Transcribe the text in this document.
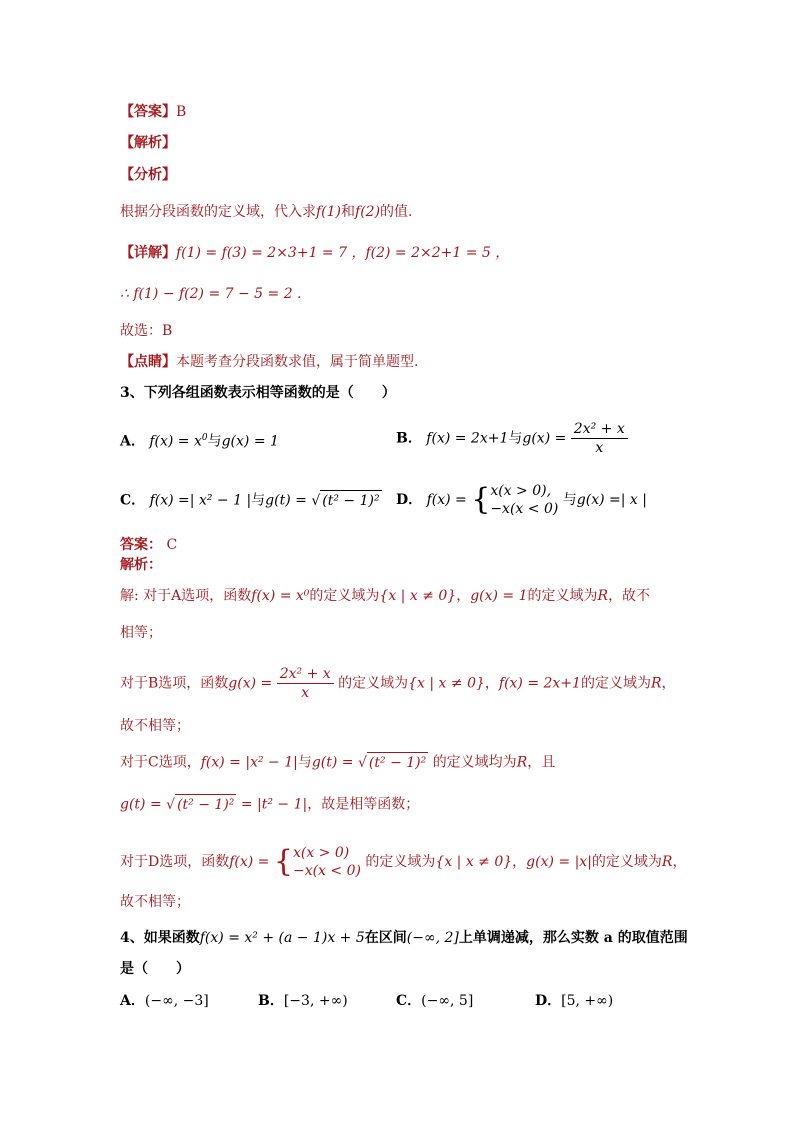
【答案】B
【解析】
【分析】
根据分段函数的定义域，代入求f(1)和f(2)的值.
【详解】f(1) = f(3) = 2×3+1 = 7 ，f(2) = 2×2+1 = 5 ，
∴ f(1) − f(2) = 7 − 5 = 2 .
故选：B
【点睛】本题考查分段函数求值，属于简单题型.
3、下列各组函数表示相等函数的是（　　）
A． $f(x) = x^0$与g(x) = 1	B． f(x) = 2x+1与$g(x) = \frac{\text{2x² + x}}{x}$
C． f(x) =| x² − 1 |与g(t) = √ (t² − 1)² D． f(x) = { x(x > 0),
−x(x < 0)
与g(x) =| x |
答案： C
解析：
解: 对于A选项，函数f(x) = x⁰的定义域为{x | x ≠ 0}，g(x) = 1的定义域为R，故不
相等；
对于B选项，函数$g(x) = \frac{\text{2x² + x}}{x}$ 的定义域为{x | x ≠ 0}，f(x) = 2x+1的定义域为R，
故不相等；
对于C选项，f(x) = |x² − 1|与g(t) = √ (t² − 1)² 的定义域均为R，且
g(t) = √ (t² − 1)² = |t² − 1|，故是相等函数；
对于D选项，函数f(x) = { x(x > 0)
−x(x < 0)
的定义域为{x | x ≠ 0}，g(x) = |x|的定义域为R，
故不相等；
4、如果函数f(x) = x² + (a − 1)x + 5在区间(−∞, 2]上单调递减，那么实数 a 的取值范围
是（　　）
A．(−∞, −3]	B．[−3, +∞)	C．(−∞, 5]	D．[5, +∞)
